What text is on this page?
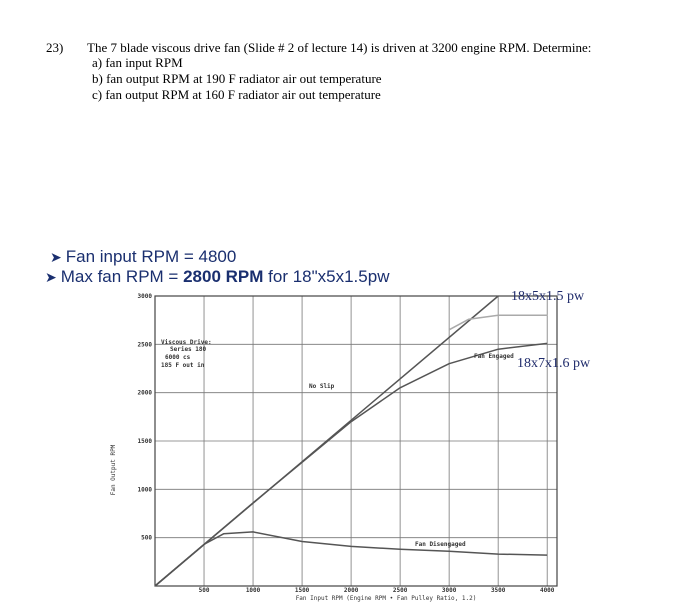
23) The 7 blade viscous drive fan (Slide # 2 of lecture 14) is driven at 3200 engine RPM. Determine:
a) fan input RPM
b) fan output RPM at 190 F radiator air out temperature
c) fan output RPM at 160 F radiator air out temperature
➤ Fan input RPM = 4800
➤ Max fan RPM = 2800 RPM for 18"x5x1.5pw
500
1000
1500
2000
2500
3000
500	1000	1500	2000	2500	3000	3500	4000
Fan Output RPM
Fan Input RPM (Engine RPM • Fan Pulley Ratio, 1.2)
Viscous Drive:
Series 180
6000 cs
185 F out in
No Slip
Fan Engaged
Fan Disengaged
18x5x1.5 pw
18x7x1.6 pw
